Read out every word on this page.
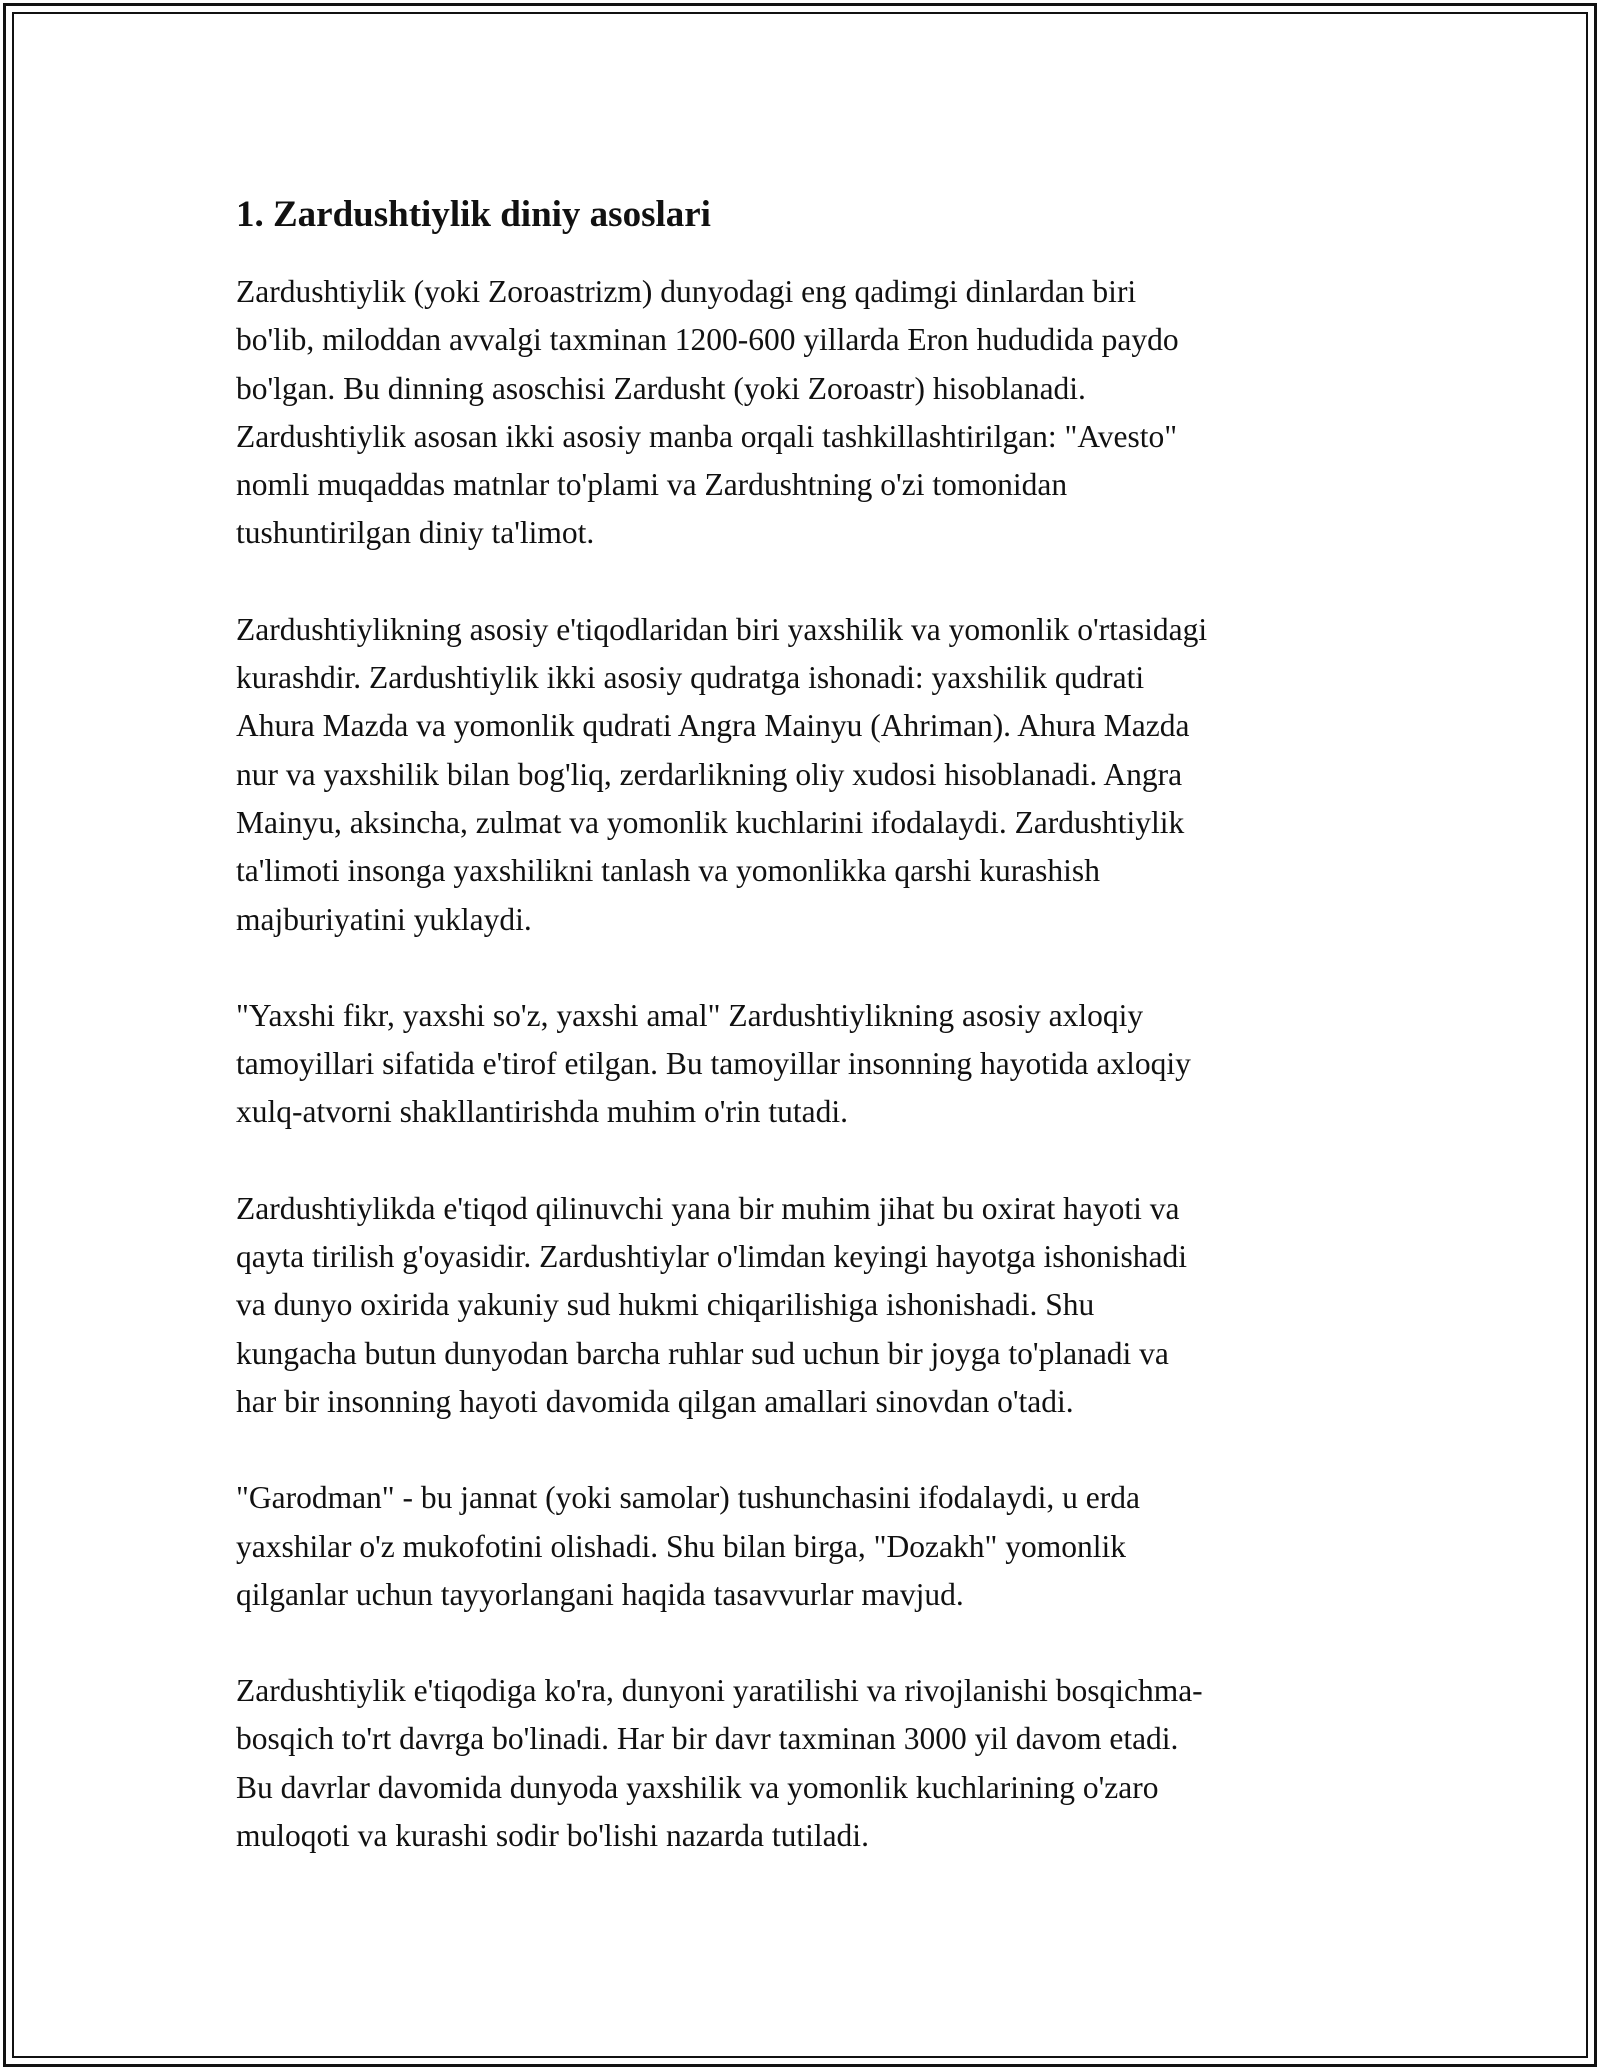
1. Zardushtiylik diniy asoslari

Zardushtiylik (yoki Zoroastrizm) dunyodagi eng qadimgi dinlardan biri
bo'lib, miloddan avvalgi taxminan 1200-600 yillarda Eron hududida paydo
bo'lgan. Bu dinning asoschisi Zardusht (yoki Zoroastr) hisoblanadi.
Zardushtiylik asosan ikki asosiy manba orqali tashkillashtirilgan: "Avesto"
nomli muqaddas matnlar to'plami va Zardushtning o'zi tomonidan
tushuntirilgan diniy ta'limot.

Zardushtiylikning asosiy e'tiqodlaridan biri yaxshilik va yomonlik o'rtasidagi
kurashdir. Zardushtiylik ikki asosiy qudratga ishonadi: yaxshilik qudrati
Ahura Mazda va yomonlik qudrati Angra Mainyu (Ahriman). Ahura Mazda
nur va yaxshilik bilan bog'liq, zerdarlikning oliy xudosi hisoblanadi. Angra
Mainyu, aksincha, zulmat va yomonlik kuchlarini ifodalaydi. Zardushtiylik
ta'limoti insonga yaxshilikni tanlash va yomonlikka qarshi kurashish
majburiyatini yuklaydi.

"Yaxshi fikr, yaxshi so'z, yaxshi amal" Zardushtiylikning asosiy axloqiy
tamoyillari sifatida e'tirof etilgan. Bu tamoyillar insonning hayotida axloqiy
xulq-atvorni shakllantirishda muhim o'rin tutadi.

Zardushtiylikda e'tiqod qilinuvchi yana bir muhim jihat bu oxirat hayoti va
qayta tirilish g'oyasidir. Zardushtiylar o'limdan keyingi hayotga ishonishadi
va dunyo oxirida yakuniy sud hukmi chiqarilishiga ishonishadi. Shu
kungacha butun dunyodan barcha ruhlar sud uchun bir joyga to'planadi va
har bir insonning hayoti davomida qilgan amallari sinovdan o'tadi.

"Garodman" - bu jannat (yoki samolar) tushunchasini ifodalaydi, u erda
yaxshilar o'z mukofotini olishadi. Shu bilan birga, "Dozakh" yomonlik
qilganlar uchun tayyorlangani haqida tasavvurlar mavjud.

Zardushtiylik e'tiqodiga ko'ra, dunyoni yaratilishi va rivojlanishi bosqichma-
bosqich to'rt davrga bo'linadi. Har bir davr taxminan 3000 yil davom etadi.
Bu davrlar davomida dunyoda yaxshilik va yomonlik kuchlarining o'zaro
muloqoti va kurashi sodir bo'lishi nazarda tutiladi.
